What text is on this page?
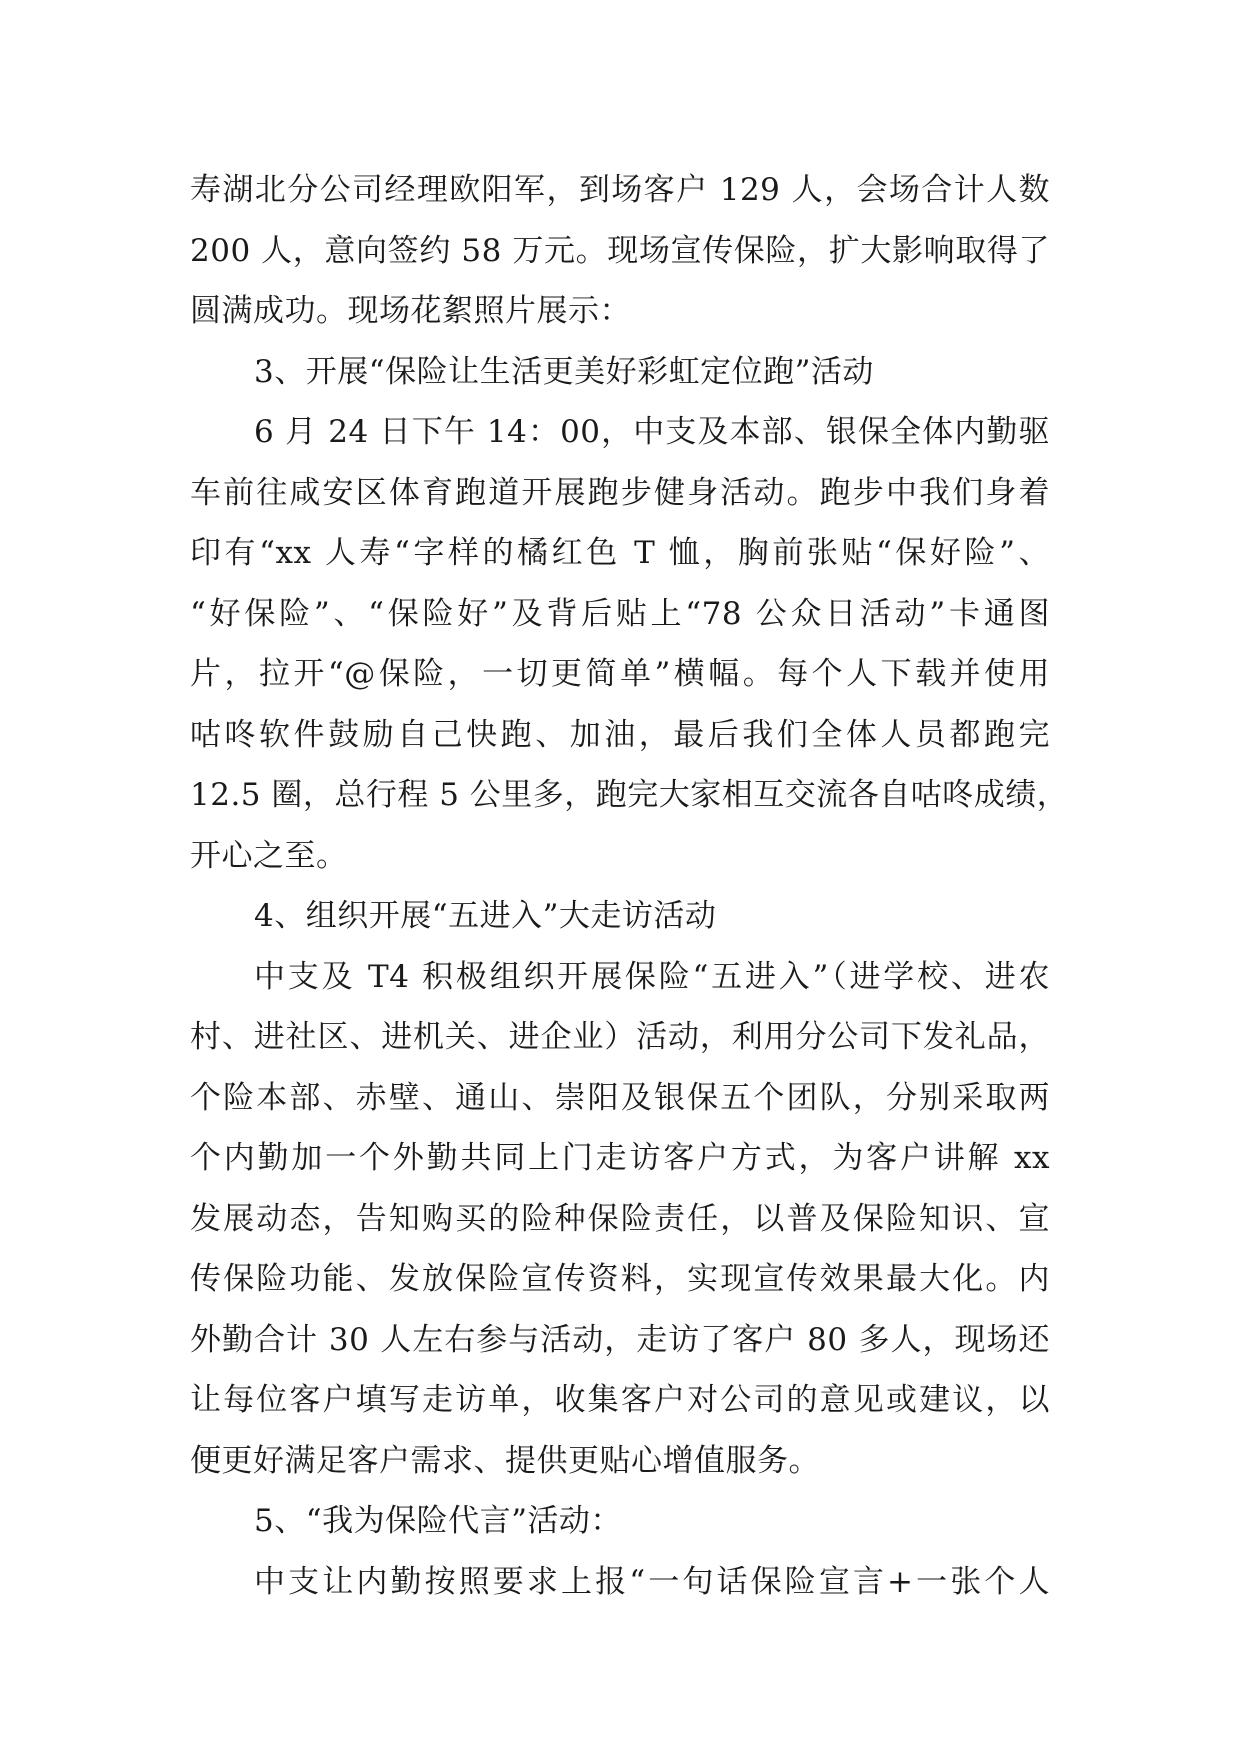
寿湖北分公司经理欧阳军，到场客户 129 人，会场合计人数
200 人，意向签约 58 万元。现场宣传保险，扩大影响取得了
圆满成功。现场花絮照片展示：
3、开展“保险让生活更美好彩虹定位跑”活动
6 月 24 日下午 14：00，中支及本部、银保全体内勤驱
车前往咸安区体育跑道开展跑步健身活动。跑步中我们身着
印有“xx 人寿“字样的橘红色 T 恤，胸前张贴“保好险”、
“好保险”、“保险好”及背后贴上“78 公众日活动”卡通图
片，拉开“@保险，一切更简单”横幅。每个人下载并使用
咕咚软件鼓励自己快跑、加油，最后我们全体人员都跑完
12.5 圈，总行程 5 公里多，跑完大家相互交流各自咕咚成绩，
开心之至。
4、组织开展“五进入”大走访活动
中支及 T4 积极组织开展保险“五进入”（进学校、进农
村、进社区、进机关、进企业）活动，利用分公司下发礼品，
个险本部、赤壁、通山、崇阳及银保五个团队，分别采取两
个内勤加一个外勤共同上门走访客户方式，为客户讲解 xx
发展动态，告知购买的险种保险责任，以普及保险知识、宣
传保险功能、发放保险宣传资料，实现宣传效果最大化。内
外勤合计 30 人左右参与活动，走访了客户 80 多人，现场还
让每位客户填写走访单，收集客户对公司的意见或建议，以
便更好满足客户需求、提供更贴心增值服务。
5、“我为保险代言”活动：
中支让内勤按照要求上报“一句话保险宣言+一张个人
